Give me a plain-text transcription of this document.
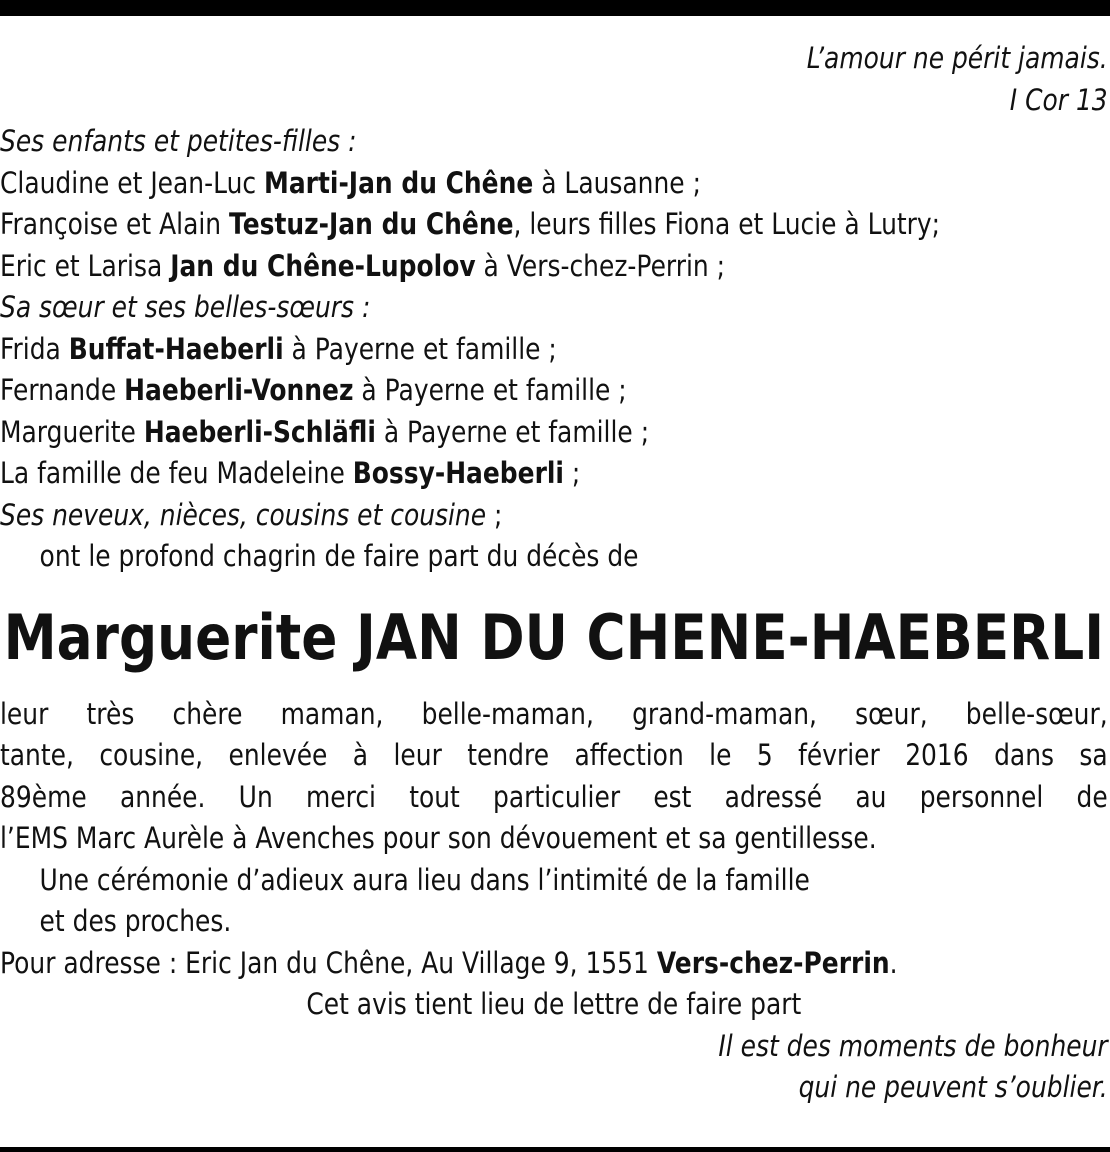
L’amour ne périt jamais.

I Cor 13

Ses enfants et petites-filles :

Claudine et Jean-Luc Marti-Jan du Chêne à Lausanne ;

Françoise et Alain Testuz-Jan du Chêne, leurs filles Fiona et Lucie à Lutry;

Eric et Larisa Jan du Chêne-Lupolov à Vers-chez-Perrin ;

Sa sœur et ses belles-sœurs :

Frida Buffat-Haeberli à Payerne et famille ;

Fernande Haeberli-Vonnez à Payerne et famille ;

Marguerite Haeberli-Schläfli à Payerne et famille ;

La famille de feu Madeleine Bossy-Haeberli ;

Ses neveux, nièces, cousins et cousine ;

ont le profond chagrin de faire part du décès de

Marguerite JAN DU CHENE-HAEBERLI

leur très chère maman, belle-maman, grand-maman, sœur, belle-sœur,

tante, cousine, enlevée à leur tendre affection le 5 février 2016 dans sa

89ème année. Un merci tout particulier est adressé au personnel de

l’EMS Marc Aurèle à Avenches pour son dévouement et sa gentillesse.

Une cérémonie d’adieux aura lieu dans l’intimité de la famille

et des proches.

Pour adresse : Eric Jan du Chêne, Au Village 9, 1551 Vers-chez-Perrin.

Cet avis tient lieu de lettre de faire part

Il est des moments de bonheur

qui ne peuvent s’oublier.
